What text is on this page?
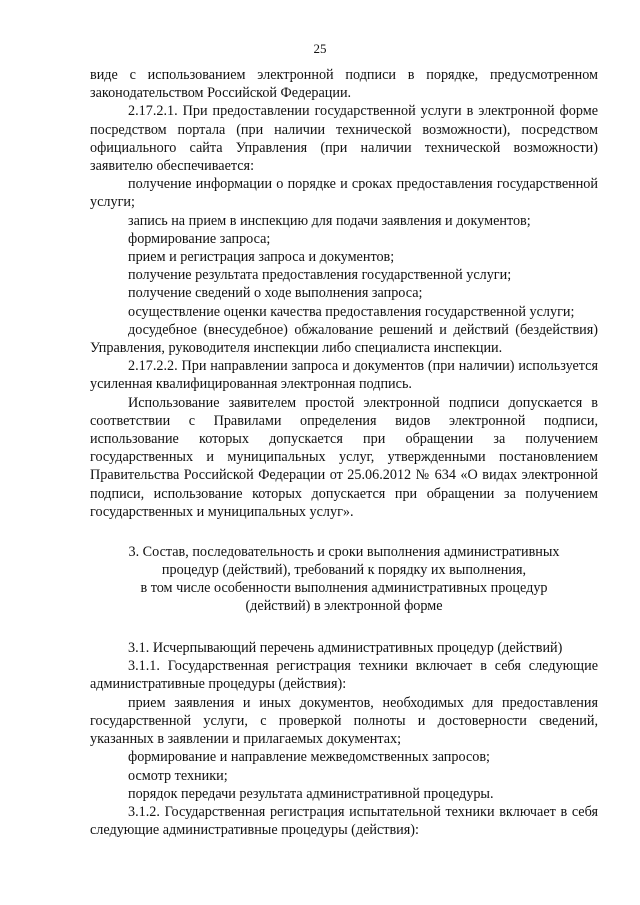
25

виде с использованием электронной подписи в порядке, предусмотренном законодательством Российской Федерации.

2.17.2.1. При предоставлении государственной услуги в электронной форме посредством портала (при наличии технической возможности), посредством официального сайта Управления (при наличии технической возможности) заявителю обеспечивается:

получение информации о порядке и сроках предоставления государственной услуги;

запись на прием в инспекцию для подачи заявления и документов;

формирование запроса;

прием и регистрация запроса и документов;

получение результата предоставления государственной услуги;

получение сведений о ходе выполнения запроса;

осуществление оценки качества предоставления государственной услуги;

досудебное (внесудебное) обжалование решений и действий (бездействия) Управления, руководителя инспекции либо специалиста инспекции.

2.17.2.2. При направлении запроса и документов (при наличии) используется усиленная квалифицированная электронная подпись.

Использование заявителем простой электронной подписи допускается в соответствии с Правилами определения видов электронной подписи, использование которых допускается при обращении за получением государственных и муниципальных услуг, утвержденными постановлением Правительства Российской Федерации от 25.06.2012 № 634 «О видах электронной подписи, использование которых допускается при обращении за получением государственных и муниципальных услуг».

3. Состав, последовательность и сроки выполнения административных
процедур (действий), требований к порядку их выполнения,
в том числе особенности выполнения административных процедур
(действий) в электронной форме

3.1. Исчерпывающий перечень административных процедур (действий)

3.1.1. Государственная регистрация техники включает в себя следующие административные процедуры (действия):

прием заявления и иных документов, необходимых для предоставления государственной услуги, с проверкой полноты и достоверности сведений, указанных в заявлении и прилагаемых документах;

формирование и направление межведомственных запросов;

осмотр техники;

порядок передачи результата административной процедуры.

3.1.2. Государственная регистрация испытательной техники включает в себя следующие административные процедуры (действия):
